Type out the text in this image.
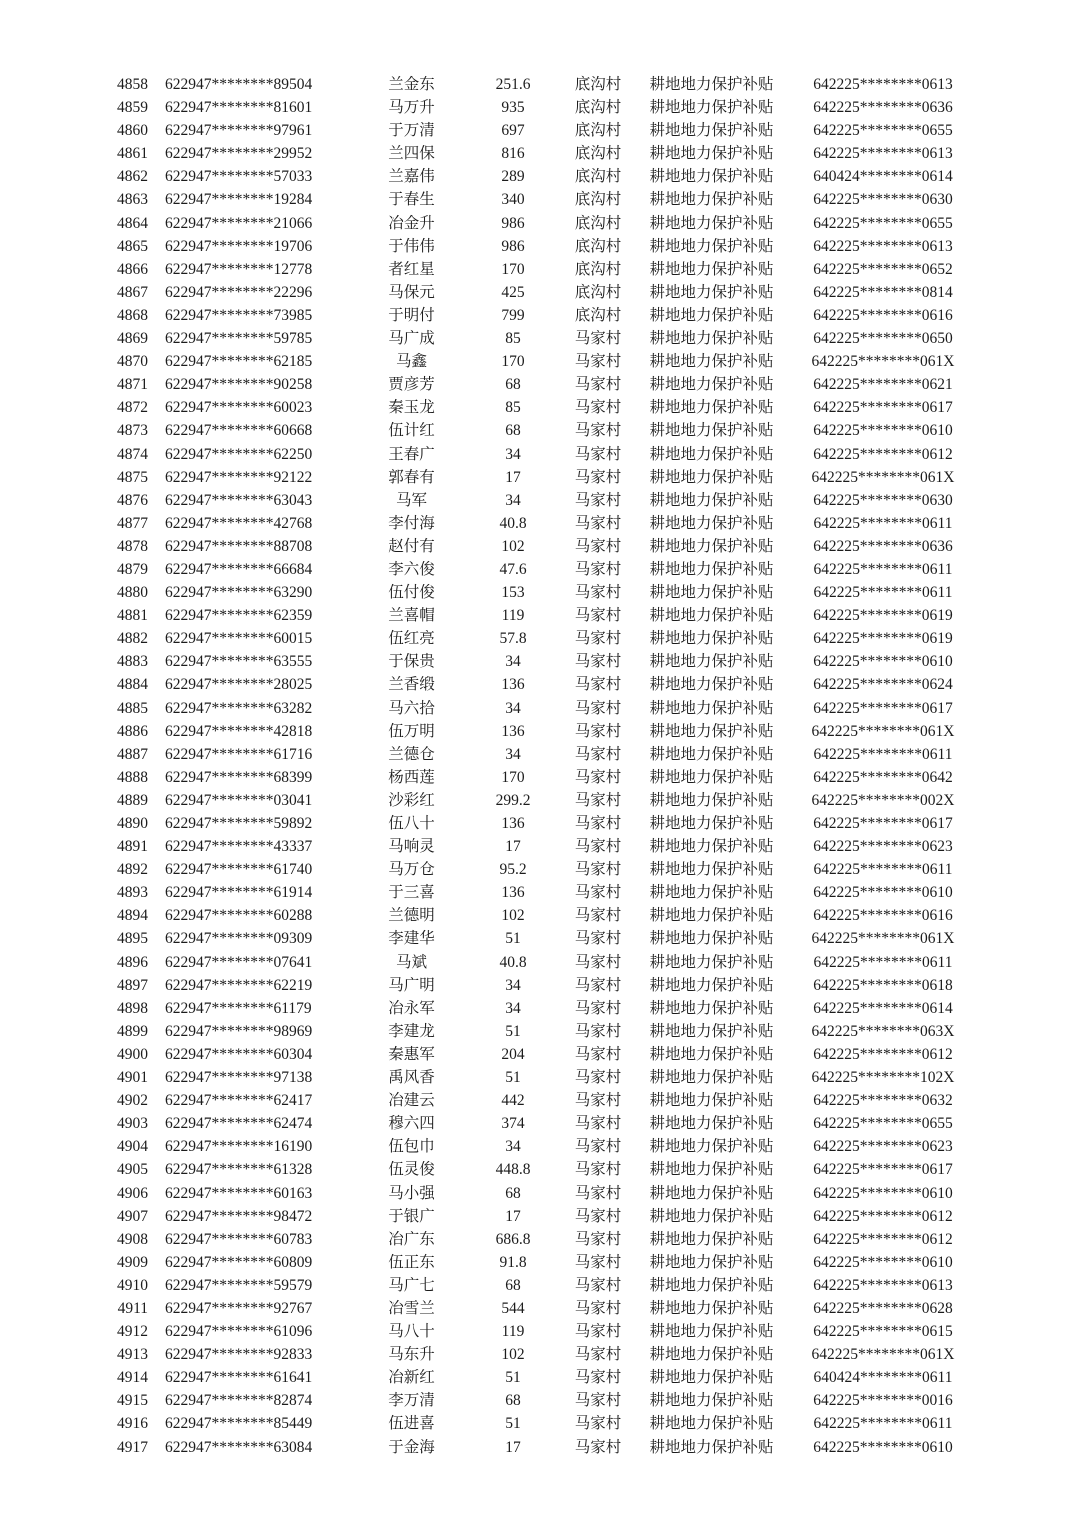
4858	622947********89504	兰金东	251.6	底沟村	耕地地力保护补贴	642225********0613
4859	622947********81601	马万升	935	底沟村	耕地地力保护补贴	642225********0636
4860	622947********97961	于万清	697	底沟村	耕地地力保护补贴	642225********0655
4861	622947********29952	兰四保	816	底沟村	耕地地力保护补贴	642225********0613
4862	622947********57033	兰嘉伟	289	底沟村	耕地地力保护补贴	640424********0614
4863	622947********19284	于春生	340	底沟村	耕地地力保护补贴	642225********0630
4864	622947********21066	冶金升	986	底沟村	耕地地力保护补贴	642225********0655
4865	622947********19706	于伟伟	986	底沟村	耕地地力保护补贴	642225********0613
4866	622947********12778	者红星	170	底沟村	耕地地力保护补贴	642225********0652
4867	622947********22296	马保元	425	底沟村	耕地地力保护补贴	642225********0814
4868	622947********73985	于明付	799	底沟村	耕地地力保护补贴	642225********0616
4869	622947********59785	马广成	85	马家村	耕地地力保护补贴	642225********0650
4870	622947********62185	马鑫	170	马家村	耕地地力保护补贴	642225********061X
4871	622947********90258	贾彦芳	68	马家村	耕地地力保护补贴	642225********0621
4872	622947********60023	秦玉龙	85	马家村	耕地地力保护补贴	642225********0617
4873	622947********60668	伍计红	68	马家村	耕地地力保护补贴	642225********0610
4874	622947********62250	王春广	34	马家村	耕地地力保护补贴	642225********0612
4875	622947********92122	郭春有	17	马家村	耕地地力保护补贴	642225********061X
4876	622947********63043	马军	34	马家村	耕地地力保护补贴	642225********0630
4877	622947********42768	李付海	40.8	马家村	耕地地力保护补贴	642225********0611
4878	622947********88708	赵付有	102	马家村	耕地地力保护补贴	642225********0636
4879	622947********66684	李六俊	47.6	马家村	耕地地力保护补贴	642225********0611
4880	622947********63290	伍付俊	153	马家村	耕地地力保护补贴	642225********0611
4881	622947********62359	兰喜帽	119	马家村	耕地地力保护补贴	642225********0619
4882	622947********60015	伍红亮	57.8	马家村	耕地地力保护补贴	642225********0619
4883	622947********63555	于保贵	34	马家村	耕地地力保护补贴	642225********0610
4884	622947********28025	兰香缎	136	马家村	耕地地力保护补贴	642225********0624
4885	622947********63282	马六拾	34	马家村	耕地地力保护补贴	642225********0617
4886	622947********42818	伍万明	136	马家村	耕地地力保护补贴	642225********061X
4887	622947********61716	兰德仓	34	马家村	耕地地力保护补贴	642225********0611
4888	622947********68399	杨西莲	170	马家村	耕地地力保护补贴	642225********0642
4889	622947********03041	沙彩红	299.2	马家村	耕地地力保护补贴	642225********002X
4890	622947********59892	伍八十	136	马家村	耕地地力保护补贴	642225********0617
4891	622947********43337	马响灵	17	马家村	耕地地力保护补贴	642225********0623
4892	622947********61740	马万仓	95.2	马家村	耕地地力保护补贴	642225********0611
4893	622947********61914	于三喜	136	马家村	耕地地力保护补贴	642225********0610
4894	622947********60288	兰德明	102	马家村	耕地地力保护补贴	642225********0616
4895	622947********09309	李建华	51	马家村	耕地地力保护补贴	642225********061X
4896	622947********07641	马斌	40.8	马家村	耕地地力保护补贴	642225********0611
4897	622947********62219	马广明	34	马家村	耕地地力保护补贴	642225********0618
4898	622947********61179	冶永军	34	马家村	耕地地力保护补贴	642225********0614
4899	622947********98969	李建龙	51	马家村	耕地地力保护补贴	642225********063X
4900	622947********60304	秦惠军	204	马家村	耕地地力保护补贴	642225********0612
4901	622947********97138	禹风香	51	马家村	耕地地力保护补贴	642225********102X
4902	622947********62417	冶建云	442	马家村	耕地地力保护补贴	642225********0632
4903	622947********62474	穆六四	374	马家村	耕地地力保护补贴	642225********0655
4904	622947********16190	伍包巾	34	马家村	耕地地力保护补贴	642225********0623
4905	622947********61328	伍灵俊	448.8	马家村	耕地地力保护补贴	642225********0617
4906	622947********60163	马小强	68	马家村	耕地地力保护补贴	642225********0610
4907	622947********98472	于银广	17	马家村	耕地地力保护补贴	642225********0612
4908	622947********60783	冶广东	686.8	马家村	耕地地力保护补贴	642225********0612
4909	622947********60809	伍正东	91.8	马家村	耕地地力保护补贴	642225********0610
4910	622947********59579	马广七	68	马家村	耕地地力保护补贴	642225********0613
4911	622947********92767	冶雪兰	544	马家村	耕地地力保护补贴	642225********0628
4912	622947********61096	马八十	119	马家村	耕地地力保护补贴	642225********0615
4913	622947********92833	马东升	102	马家村	耕地地力保护补贴	642225********061X
4914	622947********61641	冶新红	51	马家村	耕地地力保护补贴	640424********0611
4915	622947********82874	李万清	68	马家村	耕地地力保护补贴	642225********0016
4916	622947********85449	伍进喜	51	马家村	耕地地力保护补贴	642225********0611
4917	622947********63084	于金海	17	马家村	耕地地力保护补贴	642225********0610
